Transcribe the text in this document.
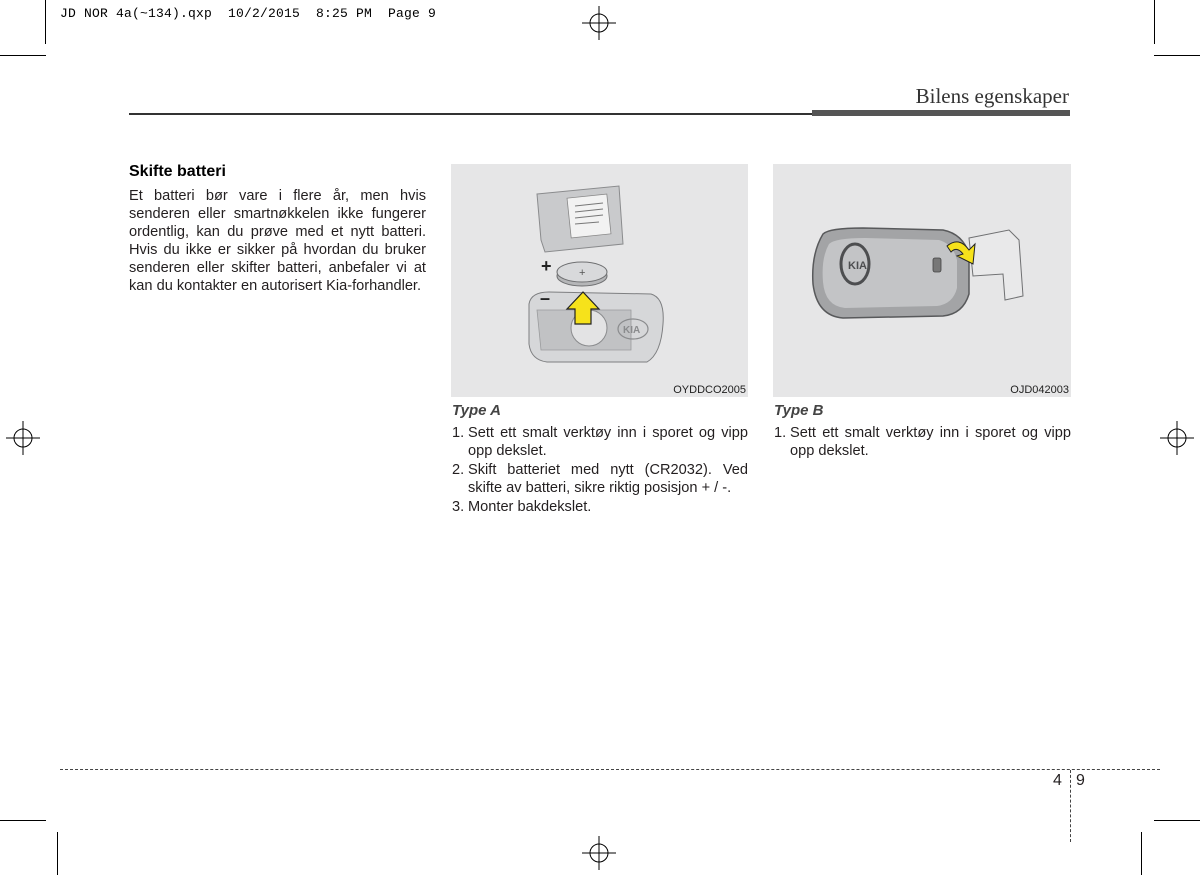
JD NOR 4a(~134).qxp  10/2/2015  8:25 PM  Page 9
Bilens egenskaper
Skifte batteri

Et batteri bør vare i flere år, men hvis senderen eller smartnøkkelen ikke fungerer ordentlig, kan du prøve med et nytt batteri. Hvis du ikke er sikker på hvordan du bruker senderen eller skifter batteri, anbefaler vi at kan du kontakter en autorisert Kia-forhandler.

+
KIA
+
–
OYDDCO2005
KIA
OJD042003
Type A
1. Sett ett smalt verktøy inn i sporet og vipp opp dekslet.
2. Skift batteriet med nytt (CR2032). Ved skifte av batteri, sikre riktig posisjon + / -.
3. Monter bakdekslet.
Type B
1. Sett ett smalt verktøy inn i sporet og vipp opp dekslet.
4 9
